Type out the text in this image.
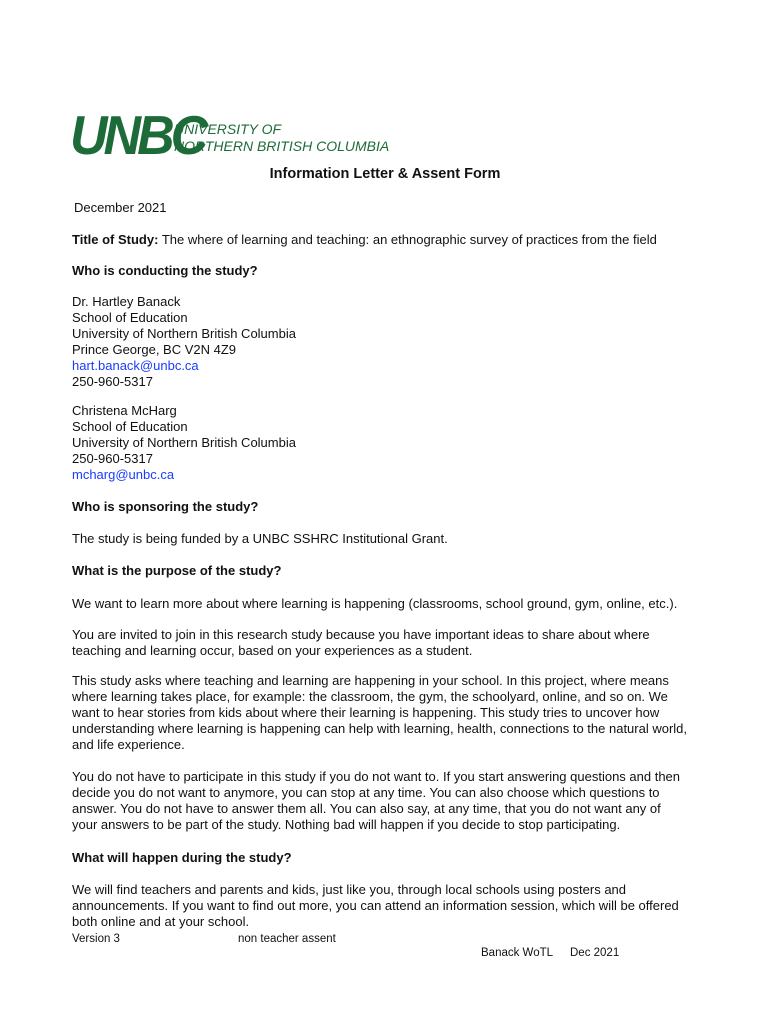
UNBC
UNIVERSITY OF
NORTHERN BRITISH COLUMBIA
Information Letter & Assent Form
December 2021
Title of Study: The where of learning and teaching: an ethnographic survey of practices from the field
Who is conducting the study?
Dr. Hartley Banack
School of Education
University of Northern British Columbia
Prince George, BC V2N 4Z9
hart.banack@unbc.ca
250-960-5317
Christena McHarg
School of Education
University of Northern British Columbia
250-960-5317
mcharg@unbc.ca
Who is sponsoring the study?
The study is being funded by a UNBC SSHRC Institutional Grant.
What is the purpose of the study?
We want to learn more about where learning is happening (classrooms, school ground, gym, online, etc.).
You are invited to join in this research study because you have important ideas to share about where
teaching and learning occur, based on your experiences as a student.
This study asks where teaching and learning are happening in your school. In this project, where means
where learning takes place, for example: the classroom, the gym, the schoolyard, online, and so on. We
want to hear stories from kids about where their learning is happening. This study tries to uncover how
understanding where learning is happening can help with learning, health, connections to the natural world,
and life experience.
You do not have to participate in this study if you do not want to. If you start answering questions and then
decide you do not want to anymore, you can stop at any time. You can also choose which questions to
answer. You do not have to answer them all. You can also say, at any time, that you do not want any of
your answers to be part of the study. Nothing bad will happen if you decide to stop participating.
What will happen during the study?
We will find teachers and parents and kids, just like you, through local schools using posters and
announcements. If you want to find out more, you can attend an information session, which will be offered
both online and at your school.
Version 3	non teacher assent
Banack WoTL Dec 2021
